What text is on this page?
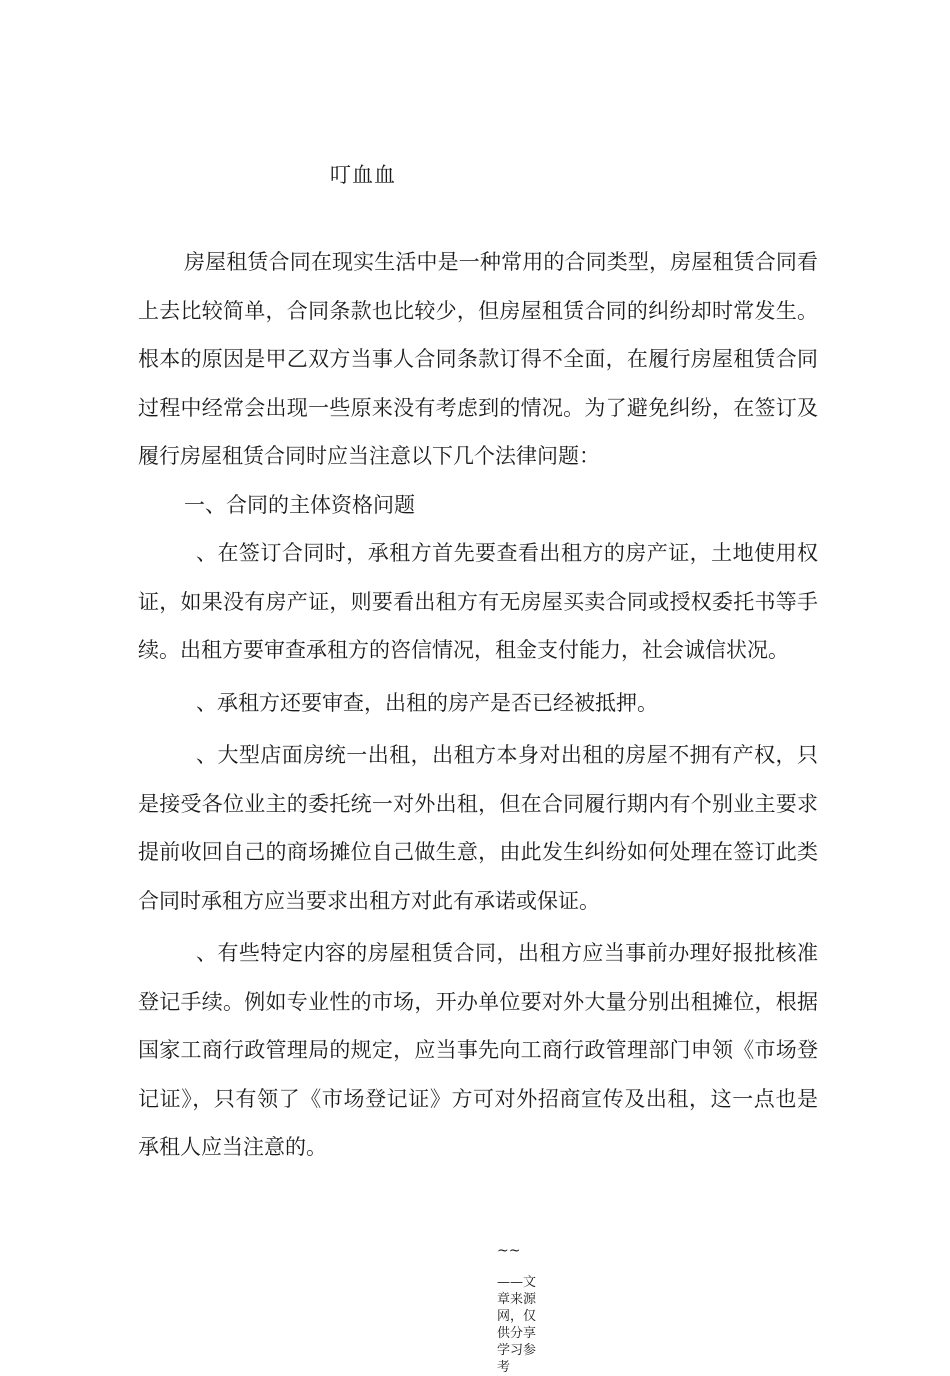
叮血血

房屋租赁合同在现实生活中是一种常用的合同类型，房屋租赁合同看上去比较简单，合同条款也比较少，但房屋租赁合同的纠纷却时常发生。根本的原因是甲乙双方当事人合同条款订得不全面，在履行房屋租赁合同过程中经常会出现一些原来没有考虑到的情况。为了避免纠纷，在签订及履行房屋租赁合同时应当注意以下几个法律问题：

一、合同的主体资格问题

、在签订合同时，承租方首先要查看出租方的房产证，土地使用权证，如果没有房产证，则要看出租方有无房屋买卖合同或授权委托书等手续。出租方要审查承租方的咨信情况，租金支付能力，社会诚信状况。

、承租方还要审查，出租的房产是否已经被抵押。

、大型店面房统一出租，出租方本身对出租的房屋不拥有产权，只是接受各位业主的委托统一对外出租，但在合同履行期内有个别业主要求提前收回自己的商场摊位自己做生意，由此发生纠纷如何处理在签订此类合同时承租方应当要求出租方对此有承诺或保证。

、有些特定内容的房屋租赁合同，出租方应当事前办理好报批核准登记手续。例如专业性的市场，开办单位要对外大量分别出租摊位，根据国家工商行政管理局的规定，应当事先向工商行政管理部门申领《市场登记证》，只有领了《市场登记证》方可对外招商宣传及出租，这一点也是承租人应当注意的。

~~

——文章来源网，仅供分享学习参考
